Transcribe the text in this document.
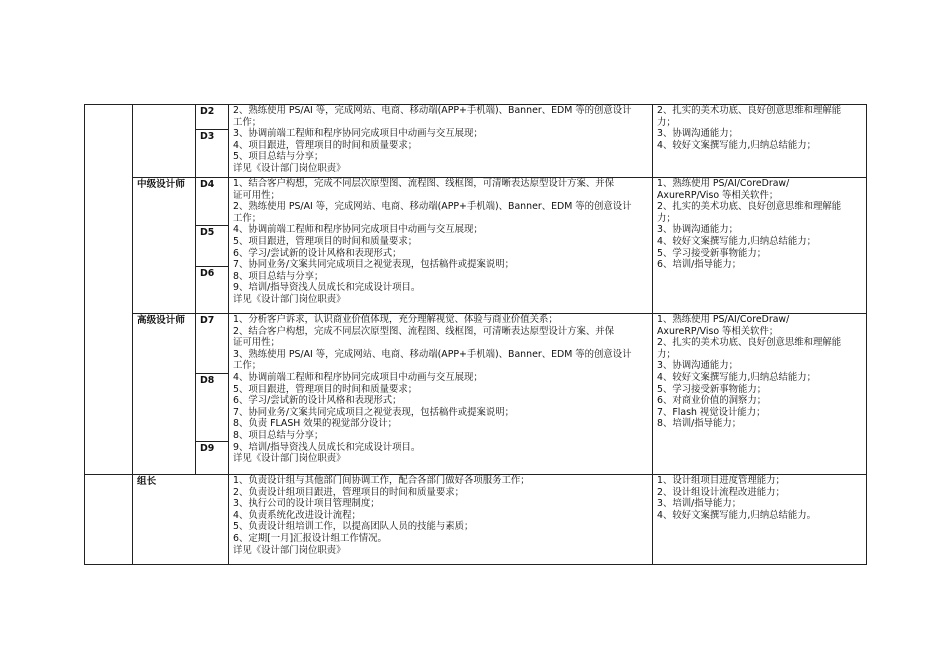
D2
D3
2、熟练使用 PS/AI 等，完成网站、电商、移动端(APP+手机端)、Banner、EDM 等的创意设计
工作；
3、协调前端工程师和程序协同完成项目中动画与交互展现；
4、项目跟进，管理项目的时间和质量要求；
5、项目总结与分享；
详见《设计部门岗位职责》
2、扎实的美术功底、良好创意思维和理解能
力；
3、协调沟通能力；
4、较好文案撰写能力,归纳总结能力；
中级设计师 D4
D5
D6
1、结合客户构想，完成不同层次原型图、流程图、线框图，可清晰表达原型设计方案、并保
证可用性；
2、熟练使用 PS/AI 等，完成网站、电商、移动端(APP+手机端)、Banner、EDM 等的创意设计
工作；
4、协调前端工程师和程序协同完成项目中动画与交互展现；
5、项目跟进，管理项目的时间和质量要求；
6、学习/尝试新的设计风格和表现形式；
7、协同业务/文案共同完成项目之视觉表现，包括稿件或提案说明；
8、项目总结与分享；
9、培训/指导资浅人员成长和完成设计项目。
详见《设计部门岗位职责》
1、熟练使用 PS/AI/CoreDraw/
AxureRP/Viso 等相关软件；
2、扎实的美术功底、良好创意思维和理解能
力；
3、协调沟通能力；
4、较好文案撰写能力,归纳总结能力；
5、学习接受新事物能力；
6、培训/指导能力；
高级设计师 D7
D8
D9
1、分析客户诉求，认识商业价值体现，充分理解视觉、体验与商业价值关系；
2、结合客户构想，完成不同层次原型图、流程图、线框图，可清晰表达原型设计方案、并保
证可用性；
3、熟练使用 PS/AI 等，完成网站、电商、移动端(APP+手机端)、Banner、EDM 等的创意设计
工作；
4、协调前端工程师和程序协同完成项目中动画与交互展现；
5、项目跟进，管理项目的时间和质量要求；
6、学习/尝试新的设计风格和表现形式；
7、协同业务/文案共同完成项目之视觉表现，包括稿件或提案说明；
8、负责 FLASH 效果的视觉部分设计；
8、项目总结与分享；
9、培训/指导资浅人员成长和完成设计项目。
详见《设计部门岗位职责》
1、熟练使用 PS/AI/CoreDraw/
AxureRP/Viso 等相关软件；
2、扎实的美术功底、良好创意思维和理解能
力；
3、协调沟通能力；
4、较好文案撰写能力,归纳总结能力；
5、学习接受新事物能力；
6、对商业价值的洞察力；
7、Flash 视觉设计能力；
8、培训/指导能力；
组长	1、负责设计组与其他部门间协调工作，配合各部门做好各项服务工作；
2、负责设计组项目跟进，管理项目的时间和质量要求；
3、执行公司的设计项目管理制度；
4、负责系统化改进设计流程；
5、负责设计组培训工作，以提高团队人员的技能与素质；
6、定期[一月]汇报设计组工作情况。
详见《设计部门岗位职责》
1、设计组项目进度管理能力；
2、设计组设计流程改进能力；
3、培训/指导能力；
4、较好文案撰写能力,归纳总结能力。
